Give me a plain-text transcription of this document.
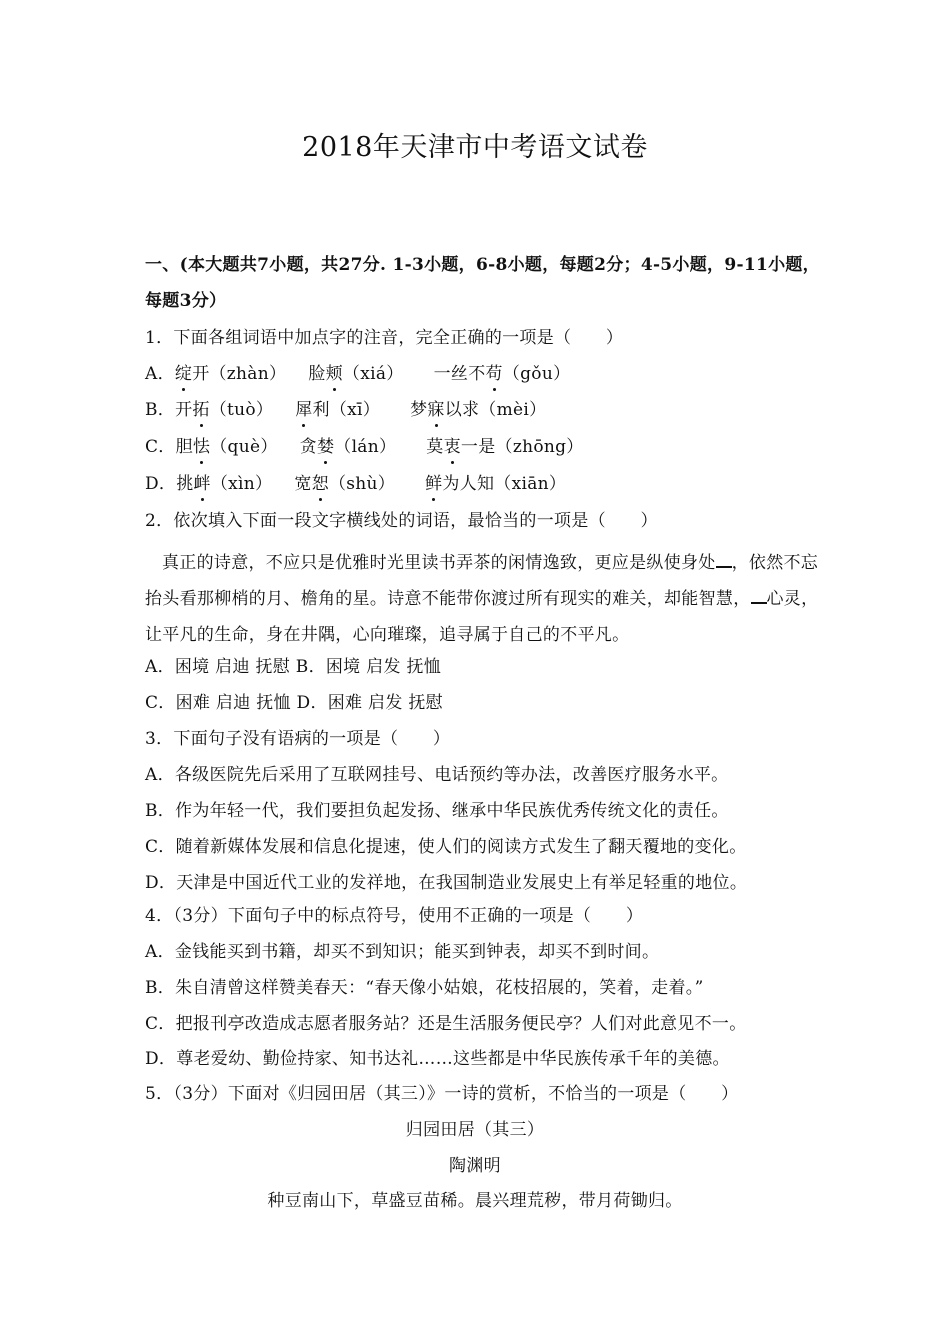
2018年天津市中考语文试卷
一、(本大题共7小题，共27分. 1-3小题，6-8小题，每题2分；4-5小题，9-11小题，
每题3分）
1．下面各组词语中加点字的注音，完全正确的一项是（　　）
A．绽开（zhàn） 脸颊（xiá） 一丝不苟（gǒu）
B．开拓（tuò） 犀利（xī） 梦寐以求（mèi）
C．胆怯（què） 贪婪（lán） 莫衷一是（zhōng）
D．挑衅（xìn） 宽恕（shù） 鲜为人知（xiān）
2．依次填入下面一段文字横线处的词语，最恰当的一项是（　　）
真正的诗意，不应只是优雅时光里读书弄茶的闲情逸致，更应是纵使身处 ，依然不忘抬头看那柳梢的月、檐角的星。诗意不能带你渡过所有现实的难关，却能智慧， 心灵，让平凡的生命，身在井隅，心向璀璨，追寻属于自己的不平凡。
A．困境 启迪 抚慰 B．困境 启发 抚恤
C．困难 启迪 抚恤 D．困难 启发 抚慰
3．下面句子没有语病的一项是（　　）
A．各级医院先后采用了互联网挂号、电话预约等办法，改善医疗服务水平。
B．作为年轻一代，我们要担负起发扬、继承中华民族优秀传统文化的责任。
C．随着新媒体发展和信息化提速，使人们的阅读方式发生了翻天覆地的变化。
D．天津是中国近代工业的发祥地，在我国制造业发展史上有举足轻重的地位。
4．（3分）下面句子中的标点符号，使用不正确的一项是（　　）
A．金钱能买到书籍，却买不到知识；能买到钟表，却买不到时间。
B．朱自清曾这样赞美春天：“春天像小姑娘，花枝招展的，笑着，走着。”
C．把报刊亭改造成志愿者服务站？还是生活服务便民亭？人们对此意见不一。
D．尊老爱幼、勤俭持家、知书达礼……这些都是中华民族传承千年的美德。
5．（3分）下面对《归园田居（其三）》一诗的赏析，不恰当的一项是（　　）
归园田居（其三）
陶渊明
种豆南山下，草盛豆苗稀。晨兴理荒秽，带月荷锄归。
